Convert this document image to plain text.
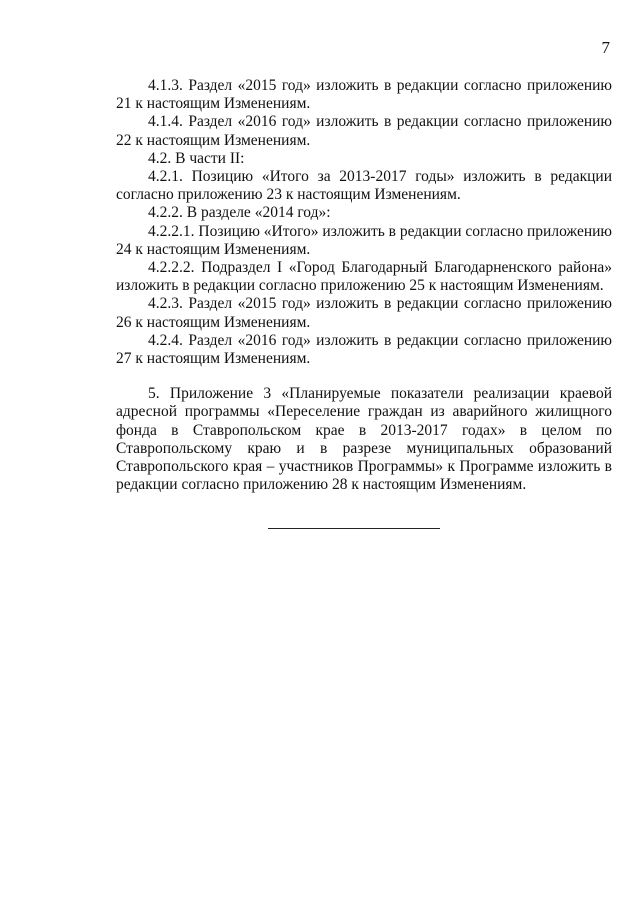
7

4.1.3. Раздел «2015 год» изложить в редакции согласно приложению 21 к настоящим Изменениям.

4.1.4. Раздел «2016 год» изложить в редакции согласно приложению 22 к настоящим Изменениям.

4.2. В части II:

4.2.1. Позицию «Итого за 2013-2017 годы» изложить в редакции согласно приложению 23 к настоящим Изменениям.

4.2.2. В разделе «2014 год»:

4.2.2.1. Позицию «Итого» изложить в редакции согласно приложению 24 к настоящим Изменениям.

4.2.2.2. Подраздел I «Город Благодарный Благодарненского района» изложить в редакции согласно приложению 25 к настоящим Изменениям.

4.2.3. Раздел «2015 год» изложить в редакции согласно приложению 26 к настоящим Изменениям.

4.2.4. Раздел «2016 год» изложить в редакции согласно приложению 27 к настоящим Изменениям.

5. Приложение 3 «Планируемые показатели реализации краевой адресной программы «Переселение граждан из аварийного жилищного фонда в Ставропольском крае в 2013-2017 годах» в целом по Ставропольскому краю и в разрезе муниципальных образований Ставропольского края – участников Программы» к Программе изложить в редакции согласно приложению 28 к настоящим Изменениям.
